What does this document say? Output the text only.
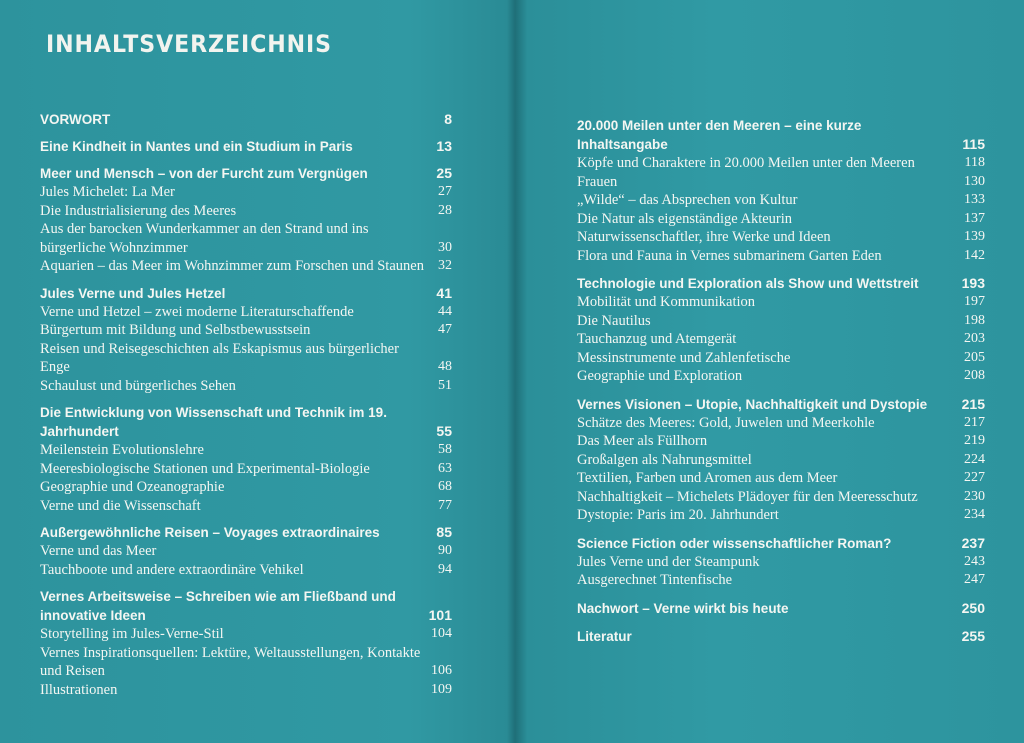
INHALTSVERZEICHNIS
VORWORT	8
Eine Kindheit in Nantes und ein Studium in Paris	13
Meer und Mensch – von der Furcht zum Vergnügen	25
Jules Michelet: La Mer	27
Die Industrialisierung des Meeres	28
Aus der barocken Wunderkammer an den Strand und ins bürgerliche Wohnzimmer	30
Aquarien – das Meer im Wohnzimmer zum Forschen und Staunen	32
Jules Verne und Jules Hetzel	41
Verne und Hetzel – zwei moderne Literaturschaffende	44
Bürgertum mit Bildung und Selbstbewusstsein	47
Reisen und Reisegeschichten als Eskapismus aus bürgerlicher Enge	48
Schaulust und bürgerliches Sehen	51
Die Entwicklung von Wissenschaft und Technik im 19. Jahrhundert	55
Meilenstein Evolutionslehre	58
Meeresbiologische Stationen und Experimental-Biologie	63
Geographie und Ozeanographie	68
Verne und die Wissenschaft	77
Außergewöhnliche Reisen – Voyages extraordinaires	85
Verne und das Meer	90
Tauchboote und andere extraordinäre Vehikel	94
Vernes Arbeitsweise – Schreiben wie am Fließband und innovative Ideen	101
Storytelling im Jules-Verne-Stil	104
Vernes Inspirationsquellen: Lektüre, Weltausstellungen, Kontakte und Reisen	106
Illustrationen	109
20.000 Meilen unter den Meeren – eine kurze Inhaltsangabe	115
Köpfe und Charaktere in 20.000 Meilen unter den Meeren	118
Frauen	130
„Wilde“ – das Absprechen von Kultur	133
Die Natur als eigenständige Akteurin	137
Naturwissenschaftler, ihre Werke und Ideen	139
Flora und Fauna in Vernes submarinem Garten Eden	142
Technologie und Exploration als Show und Wettstreit	193
Mobilität und Kommunikation	197
Die Nautilus	198
Tauchanzug und Atemgerät	203
Messinstrumente und Zahlenfetische	205
Geographie und Exploration	208
Vernes Visionen – Utopie, Nachhaltigkeit und Dystopie	215
Schätze des Meeres: Gold, Juwelen und Meerkohle	217
Das Meer als Füllhorn	219
Großalgen als Nahrungsmittel	224
Textilien, Farben und Aromen aus dem Meer	227
Nachhaltigkeit – Michelets Plädoyer für den Meeresschutz	230
Dystopie: Paris im 20. Jahrhundert	234
Science Fiction oder wissenschaftlicher Roman?	237
Jules Verne und der Steampunk	243
Ausgerechnet Tintenfische	247
Nachwort – Verne wirkt bis heute	250
Literatur	255
